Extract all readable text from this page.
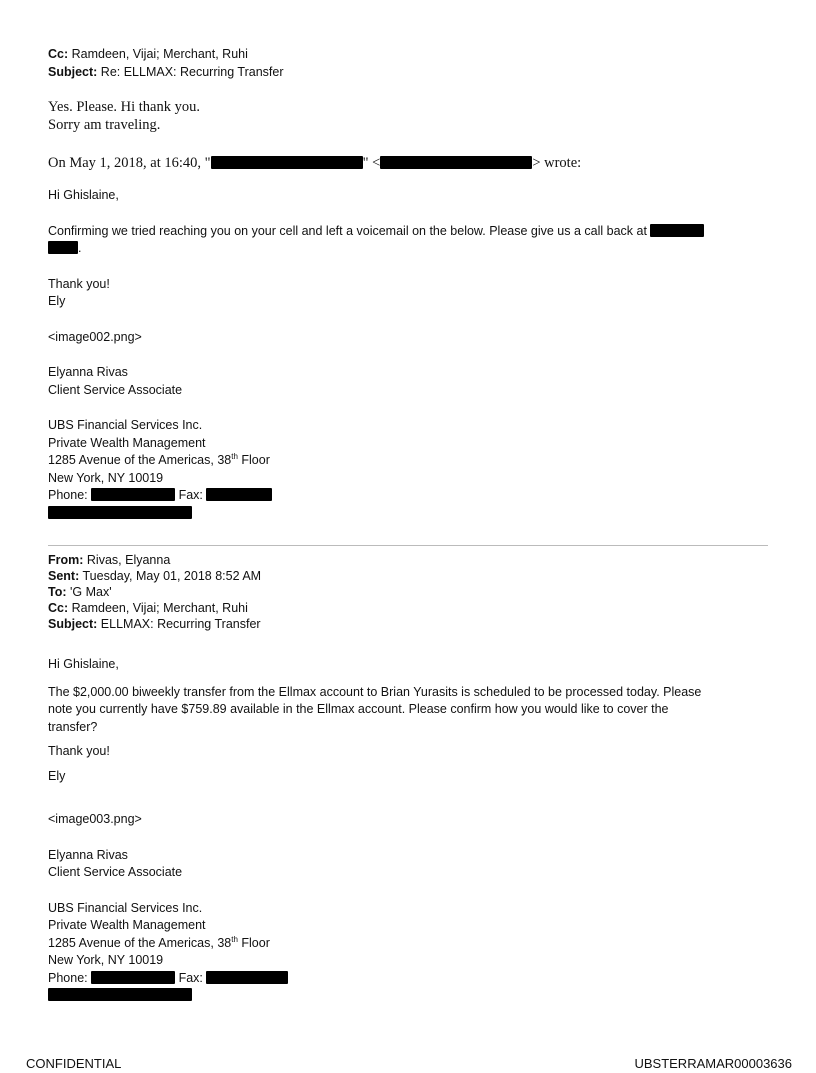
Cc: Ramdeen, Vijai; Merchant, Ruhi
Subject: Re: ELLMAX: Recurring Transfer
Yes. Please. Hi thank you.
Sorry am traveling.
On May 1, 2018, at 16:40, "	" <	> wrote:
Hi Ghislaine,
Confirming we tried reaching you on your cell and left a voicemail on the below. Please give us a call back at
.
Thank you!
Ely
<image002.png>
Elyanna Rivas
Client Service Associate
UBS Financial Services Inc.
Private Wealth Management
1285 Avenue of the Americas, 38th Floor
New York, NY 10019
Phone:	Fax:
From: Rivas, Elyanna
Sent: Tuesday, May 01, 2018 8:52 AM
To: 'G Max'
Cc: Ramdeen, Vijai; Merchant, Ruhi
Subject: ELLMAX: Recurring Transfer
Hi Ghislaine,
The $2,000.00 biweekly transfer from the Ellmax account to Brian Yurasits is scheduled to be processed today. Please
note you currently have $759.89 available in the Ellmax account. Please confirm how you would like to cover the
transfer?
Thank you!
Ely
<image003.png>
Elyanna Rivas
Client Service Associate
UBS Financial Services Inc.
Private Wealth Management
1285 Avenue of the Americas, 38th Floor
New York, NY 10019
Phone:	Fax:
CONFIDENTIAL	UBSTERRAMAR00003636
